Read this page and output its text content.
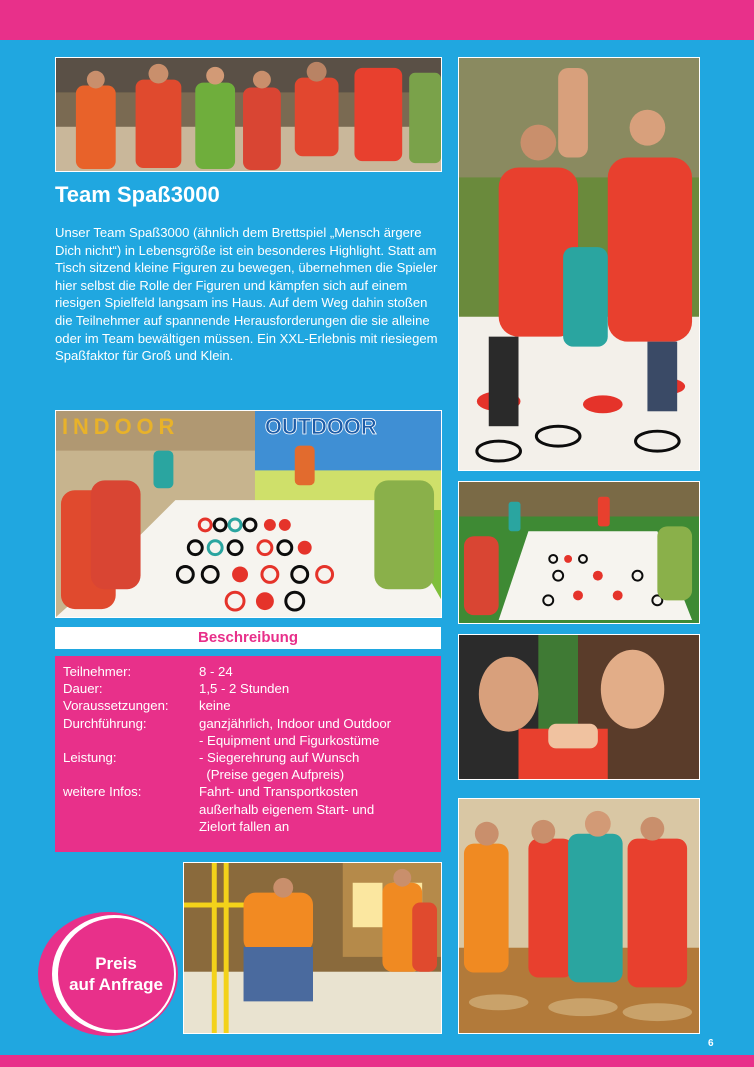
Team Spaß3000

Unser Team Spaß3000 (ähnlich dem Brettspiel „Mensch ärgere Dich nicht“) in Lebensgröße ist ein besonderes Highlight. Statt am Tisch sitzend kleine Figuren zu bewegen, übernehmen die Spieler hier selbst die Rolle der Figuren und kämpfen sich auf einem riesigen Spielfeld langsam ins Haus. Auf dem Weg dahin stoßen die Teilnehmer auf spannende Herausforderungen die sie alleine oder im Team bewältigen müssen. Ein XXL-Erlebnis mit riesiegem Spaßfaktor für Groß und Klein.

INDOOR	OUTDOOR
Beschreibung
Teilnehmer:	8 - 24
Dauer:	1,5 - 2 Stunden
Voraussetzungen:	keine
Durchführung:	ganzjährlich, Indoor und Outdoor
- Equipment und Figurkostüme
Leistung:	- Siegerehrung auf Wunsch
(Preise gegen Aufpreis)
weitere Infos:	Fahrt- und Transportkosten
außerhalb eigenem Start- und
Zielort fallen an
Preis
auf Anfrage
6
